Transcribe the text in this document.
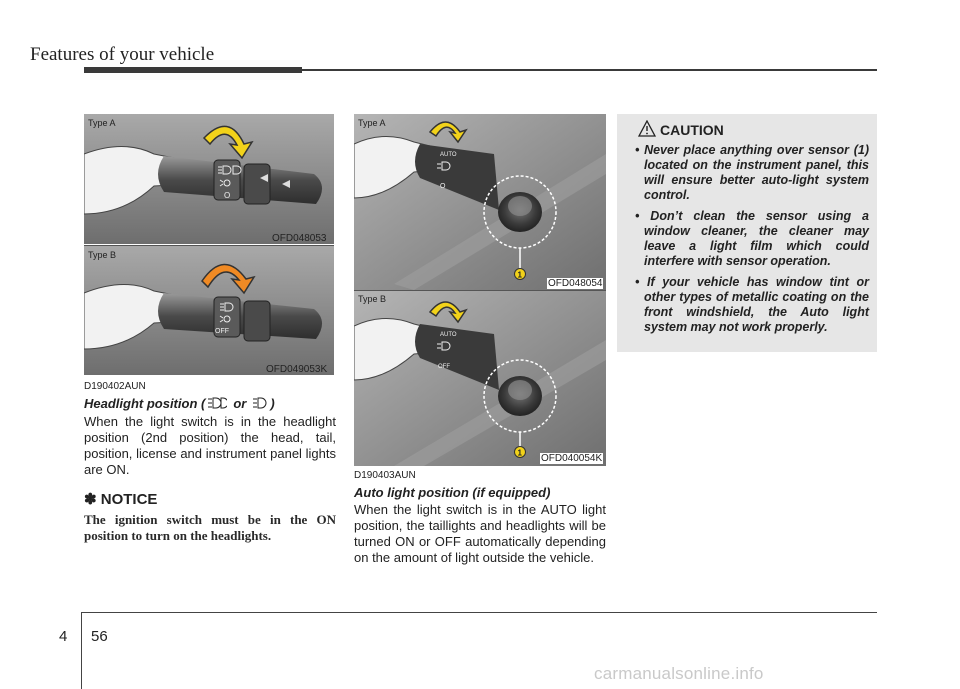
Features of your vehicle
O
Type A
OFD048053
OFF
Type B
OFD049053K
AUTO
O
1
Type A
OFD048054
AUTO
OFF
1
Type B
OFD040054K
D190402AUN
Headlight position ( or )
When the light switch is in the headlight position (2nd position) the head, tail, position, license and instrument panel lights are ON.
✽ NOTICE
The ignition switch must be in the ON position to turn on the headlights.
D190403AUN
Auto light position (if equipped)
When the light switch is in the AUTO light position, the taillights and headlights will be turned ON or OFF automatically depending on the amount of light outside the vehicle.
CAUTION
• Never place anything over sensor (1) located on the instrument panel, this will ensure better auto-light system control.
• Don’t clean the sensor using a window cleaner, the cleaner may leave a light film which could interfere with sensor operation.
• If your vehicle has window tint or other types of metallic coating on the front windshield, the Auto light system may not work properly.
4 56
carmanualsonline.info
